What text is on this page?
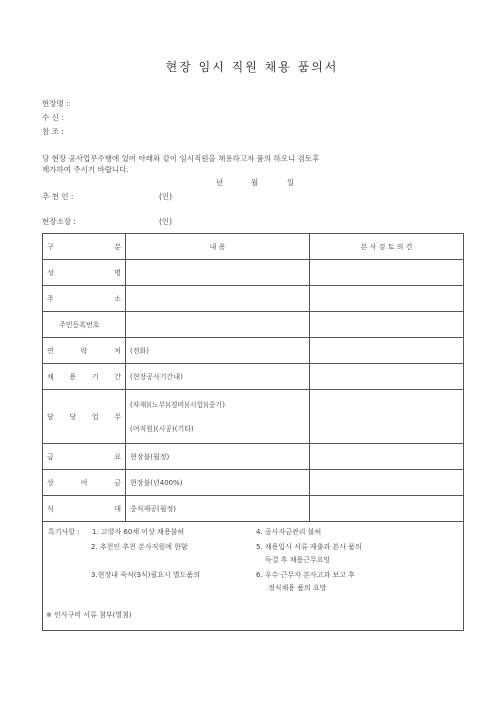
현장 임시 직원 채용 품의서
현장명 :
수 신 :
참 조 :
당 현장 공사업무수행에 있어 아래와 같이 임시직원을 채용하고자 품의 하오니 검토후
제가하여 주시기 바랍니다.
년	월	일
추 천 인 :	(인)
현장소장 :	(인)
구 분	내 용	본 사 검 토 의 견
성 명		
주 소		
주민등록번호		
연 락 처	(전화)	
채 용 기 간	(현장공사기간내)	
담 당 업 무	(자재)(노무)(경비)(시험)(중기)
(여직원)(시공)(기타)	

급 료	현장불(월정)	
상 여 금	현장불(년400%)	
식 대	중식제공(월정)	

특기사항 : 1. 고령자 60세 이상 채용불허
2. 추천인 추천 본사직원에 한함
3.현장내 숙식(3식)필요시 별도품의
4. 공사자금관리 불허
5. 채용입사 서류 제출과 본사 품의
득결 후 채용근무요망
6. 우수 근무자 본사고과 보고 후
정식채용 품의 요망
※ 인사구비 서류 첨부(별첨)
